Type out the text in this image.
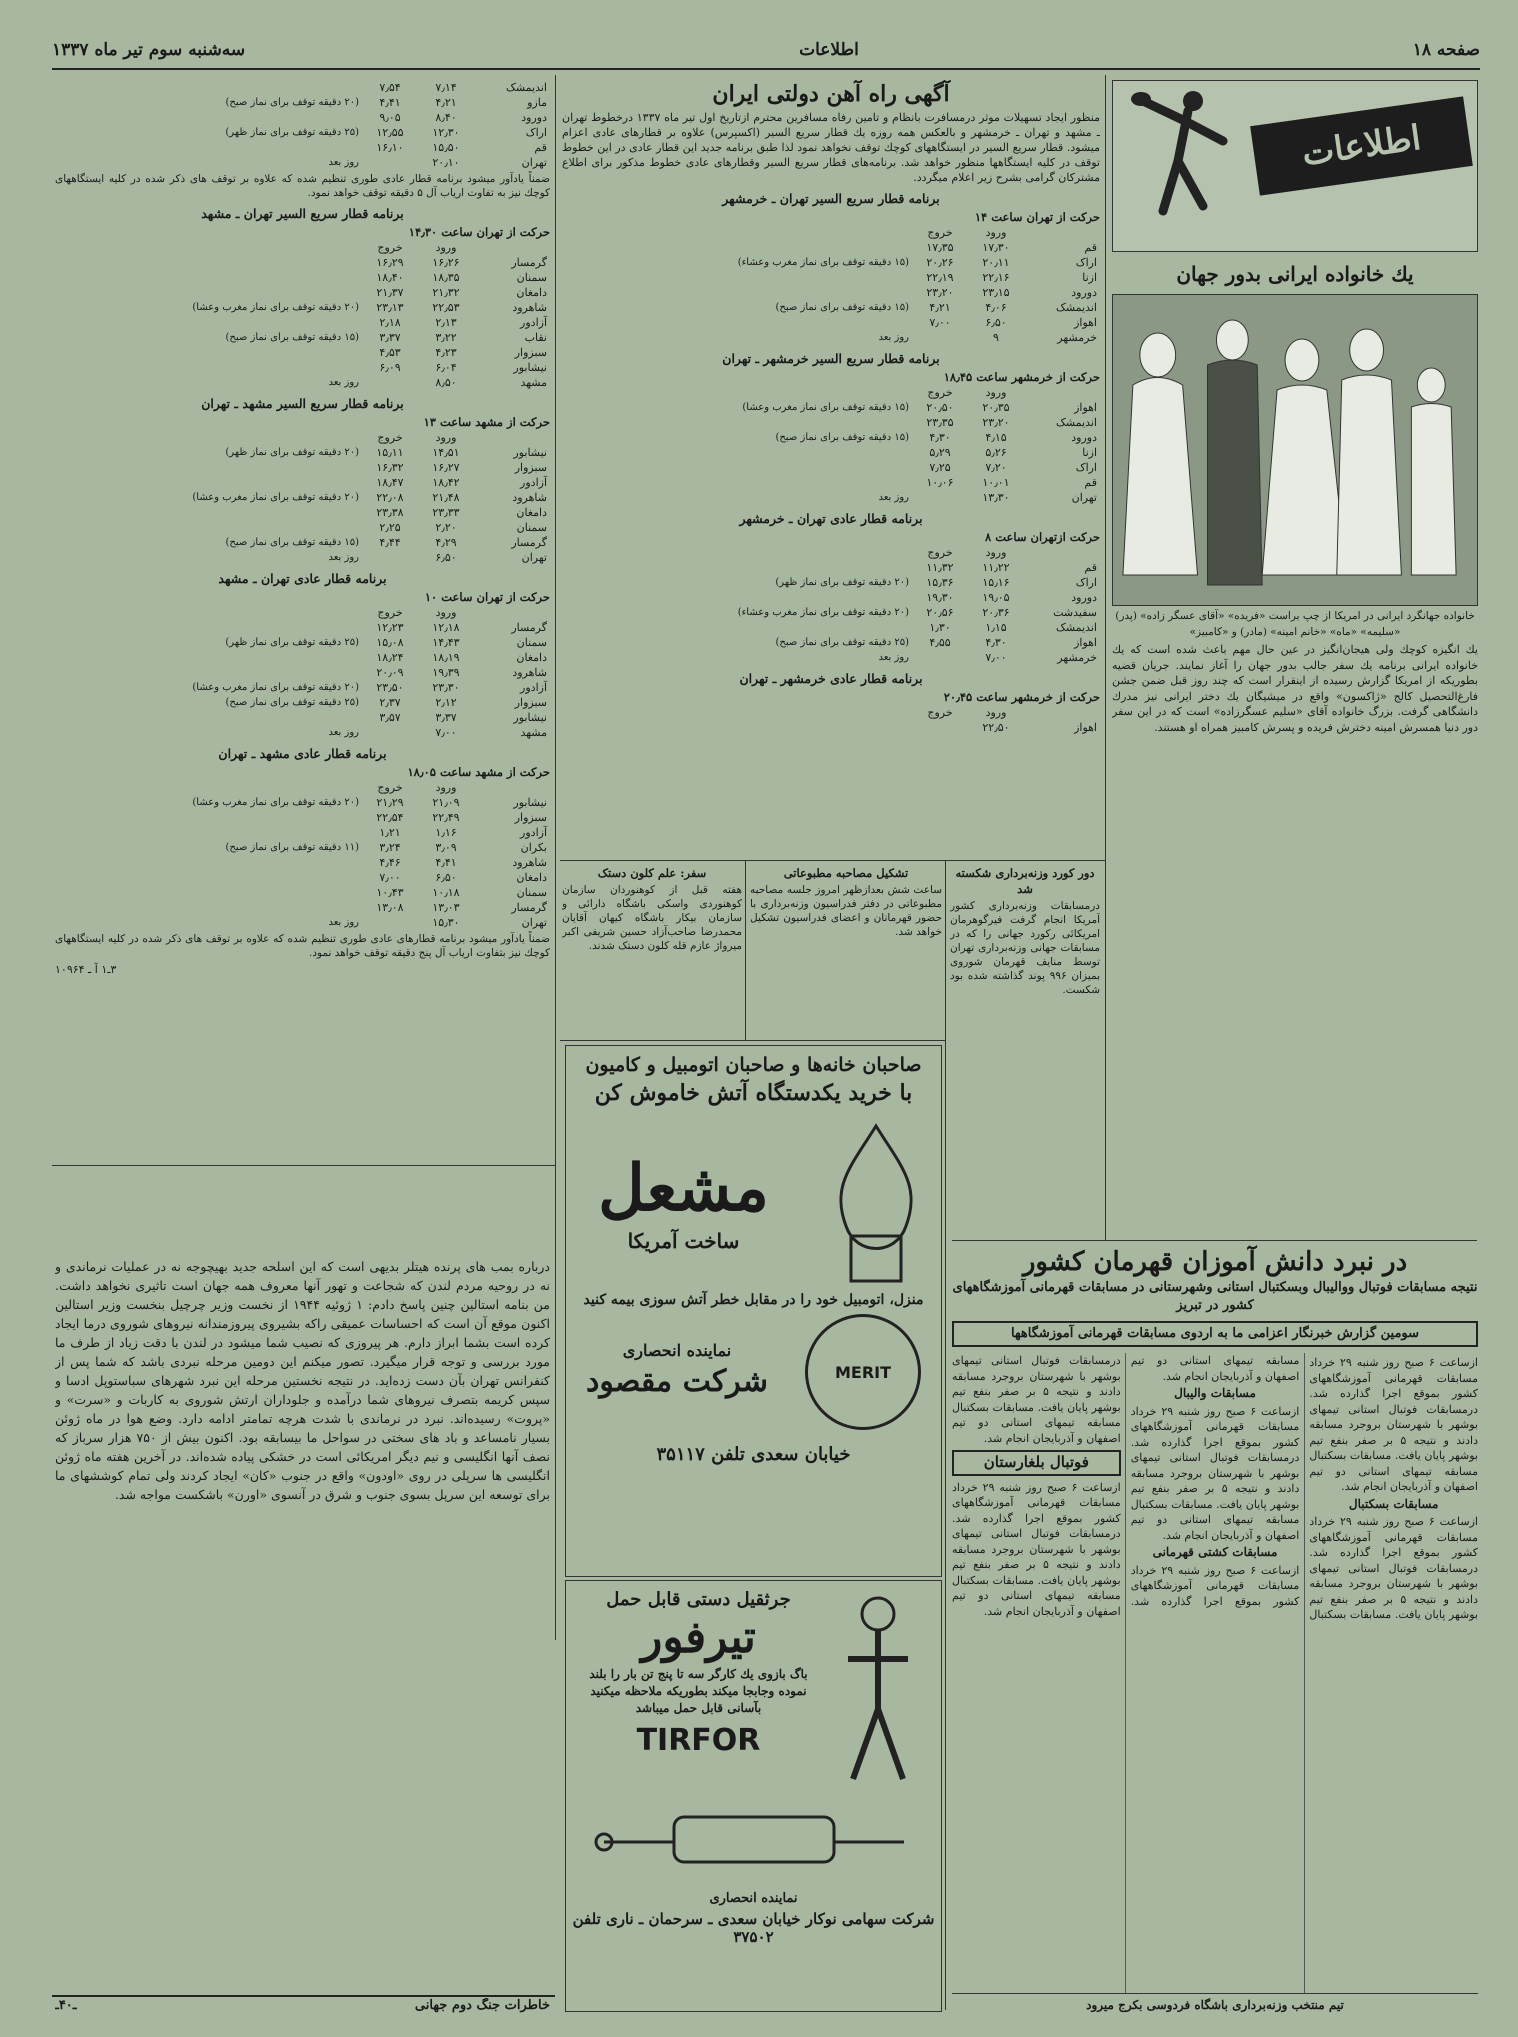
صفحه ۱۸
اطلاعات
سه‌شنبه سوم تیر ماه ۱۳۳۷
اطلاعات ورزشی
یك خانواده ایرانی بدور جهان

خانواده جهانگرد ایرانی در امریکا از چپ براست «فریده» «آقای عسگر زاده» (پدر) «سلیمه» «ماه» «خانم امینه» (مادر) و «کامبیز»

یك انگیزه کوچك ولی هیجان‌انگیز در عین حال مهم باعث شده است که یك خانواده ایرانی برنامه یك سفر جالب بدور جهان را آغاز نمایند. جریان قضیه بطوریکه از امریکا گزارش رسیده از اینقرار است که چند روز قبل ضمن جشن فارغ‌التحصیل کالج «ژاکسون» واقع در میشیگان یك دختر ایرانی نیز مدرك دانشگاهی گرفت. بزرگ خانواده آقای «سلیم عسگرزاده» است که در این سفر دور دنیا همسرش امینه دخترش فریده و پسرش کامبیز همراه او هستند.

در نبرد دانش آموزان قهرمان کشور
نتیجه مسابقات فوتبال ووالیبال وبسکتبال استانی وشهرستانی در مسابقات قهرمانی آموزشگاههای کشور در تبریز
سومین گزارش خبرنگار اعزامی ما به اردوی مسابقات قهرمانی آموزشگاهها

ازساعت ۶ صبح روز شنبه ۲۹ خرداد مسابقات قهرمانی آموزشگاههای کشور بموقع اجرا گذارده شد. درمسابقات فوتبال استانی تیمهای بوشهر با شهرستان بروجرد مسابقه دادند و نتیجه ۵ بر صفر بنفع تیم بوشهر پایان یافت. مسابقات بسکتبال مسابقه تیمهای استانی دو تیم اصفهان و آذربایجان انجام شد.

مسابقات بسکتبال

ازساعت ۶ صبح روز شنبه ۲۹ خرداد مسابقات قهرمانی آموزشگاههای کشور بموقع اجرا گذارده شد. درمسابقات فوتبال استانی تیمهای بوشهر با شهرستان بروجرد مسابقه دادند و نتیجه ۵ بر صفر بنفع تیم بوشهر پایان یافت. مسابقات بسکتبال مسابقه تیمهای استانی دو تیم اصفهان و آذربایجان انجام شد.

مسابقات والیبال

ازساعت ۶ صبح روز شنبه ۲۹ خرداد مسابقات قهرمانی آموزشگاههای کشور بموقع اجرا گذارده شد. درمسابقات فوتبال استانی تیمهای بوشهر با شهرستان بروجرد مسابقه دادند و نتیجه ۵ بر صفر بنفع تیم بوشهر پایان یافت. مسابقات بسکتبال مسابقه تیمهای استانی دو تیم اصفهان و آذربایجان انجام شد.

مسابقات کشتی قهرمانی

ازساعت ۶ صبح روز شنبه ۲۹ خرداد مسابقات قهرمانی آموزشگاههای کشور بموقع اجرا گذارده شد. درمسابقات فوتبال استانی تیمهای بوشهر با شهرستان بروجرد مسابقه دادند و نتیجه ۵ بر صفر بنفع تیم بوشهر پایان یافت. مسابقات بسکتبال مسابقه تیمهای استانی دو تیم اصفهان و آذربایجان انجام شد.

فوتبال بلغارستان

ازساعت ۶ صبح روز شنبه ۲۹ خرداد مسابقات قهرمانی آموزشگاههای کشور بموقع اجرا گذارده شد. درمسابقات فوتبال استانی تیمهای بوشهر با شهرستان بروجرد مسابقه دادند و نتیجه ۵ بر صفر بنفع تیم بوشهر پایان یافت. مسابقات بسکتبال مسابقه تیمهای استانی دو تیم اصفهان و آذربایجان انجام شد.

تیم منتخب وزنه‌برداری باشگاه فردوسی بکرج میرود
دور کورد وزنه‌برداری شکسته شد

درمسابقات وزنه‌برداری کشور آمریکا انجام گرفت فیرگوهرمان امریکائی رکورد جهانی را که در مسابقات جهانی وزنه‌برداری تهران توسط منایف قهرمان شوروی بمیزان ۹۹۶ پوند گذاشته شده بود شکست.

تشکیل مصاحبه مطبوعاتی

ساعت شش بعدازظهر امروز جلسه مصاحبه مطبوعاتی در دفتر فدراسیون وزنه‌برداری با حضور قهرمانان و اعضای فدراسیون تشکیل خواهد شد.

سفر: علم کلون دستک

هفته قبل از کوهنوردان سازمان کوهنوردی واسکی باشگاه دارائی و سازمان بیکار باشگاه کیهان آقایان محمدرضا صاحب‌آزاد حسین شریفی اکبر میرواژ عازم قله کلون دستک شدند.

آگهی راه آهن دولتی ایران

منظور ایجاد تسهیلات موثر درمسافرت بانظام و تامین رفاه مسافرین محترم ازتاریخ اول تیر ماه ۱۳۳۷ درخطوط تهران ـ مشهد و تهران ـ خرمشهر و بالعکس همه روزه یك قطار سریع السیر (اکسپرس) علاوه بر قطارهای عادی اعزام میشود. قطار سریع السیر در ایستگاههای کوچك توقف نخواهد نمود لذا طبق برنامه جدید این قطار عادی در این خطوط توقف در کلیه ایستگاهها منظور خواهد شد. برنامه‌های قطار سریع السیر وقطارهای عادی خطوط مذکور برای اطلاع مشترکان گرامی بشرح زیر اعلام میگردد.

برنامه قطار سریع السیر تهران ـ خرمشهر
حرکت از تهران ساعت ۱۴
	ورود	خروج	
قم	۱۷٫۳۰	۱۷٫۳۵	
اراک	۲۰٫۱۱	۲۰٫۲۶	(۱۵ دقیقه توقف برای نماز مغرب وعشاء)
ازنا	۲۲٫۱۶	۲۲٫۱۹	
دورود	۲۳٫۱۵	۲۳٫۲۰	
اندیمشک	۴٫۰۶	۴٫۲۱	(۱۵ دقیقه توقف برای نماز صبح)
اهواز	۶٫۵۰	۷٫۰۰	
خرمشهر	۹		روز بعد
برنامه قطار سریع السیر خرمشهر ـ تهران
حرکت از خرمشهر ساعت ۱۸٫۴۵
	ورود	خروج	
اهواز	۲۰٫۳۵	۲۰٫۵۰	(۱۵ دقیقه توقف برای نماز مغرب وعشا)
اندیمشک	۲۳٫۲۰	۲۳٫۳۵	
دورود	۴٫۱۵	۴٫۳۰	(۱۵ دقیقه توقف برای نماز صبح)
ازنا	۵٫۲۶	۵٫۲۹	
اراک	۷٫۲۰	۷٫۲۵	
قم	۱۰٫۰۱	۱۰٫۰۶	
تهران	۱۳٫۳۰		روز بعد
برنامه قطار عادی تهران ـ خرمشهر
حرکت ازتهران ساعت ۸
	ورود	خروج	
قم	۱۱٫۲۲	۱۱٫۳۲	
اراک	۱۵٫۱۶	۱۵٫۳۶	(۲۰ دقیقه توقف برای نماز ظهر)
دورود	۱۹٫۰۵	۱۹٫۳۰	
سفیدشت	۲۰٫۳۶	۲۰٫۵۶	(۲۰ دقیقه توقف برای نماز مغرب وعشاء)
اندیمشک	۱٫۱۵	۱٫۳۰	
اهواز	۴٫۳۰	۴٫۵۵	(۲۵ دقیقه توقف برای نماز صبح)
خرمشهر	۷٫۰۰		روز بعد
برنامه قطار عادی خرمشهر ـ تهران
حرکت از خرمشهر ساعت ۲۰٫۴۵
	ورود	خروج	
اهواز	۲۲٫۵۰		
اندیمشک	۷٫۱۴	۷٫۵۴	
مازو	۴٫۲۱	۴٫۴۱	(۲۰ دقیقه توقف برای نماز صبح)
دورود	۸٫۴۰	۹٫۰۵	
اراک	۱۲٫۳۰	۱۲٫۵۵	(۲۵ دقیقه توقف برای نماز ظهر)
قم	۱۵٫۵۰	۱۶٫۱۰	
تهران	۲۰٫۱۰		روز بعد

ضمناً یادآور میشود برنامه قطار عادی طوری تنظیم شده که علاوه بر توقف های ذکر شده در کلیه ایستگاههای کوچك نیز به تفاوت اریاب آل ۵ دقیقه توقف خواهد نمود.

برنامه قطار سریع السیر تهران ـ مشهد
حرکت از تهران ساعت ۱۴٫۳۰
	ورود	خروج	
گرمسار	۱۶٫۲۶	۱۶٫۲۹	
سمنان	۱۸٫۳۵	۱۸٫۴۰	
دامغان	۲۱٫۳۲	۲۱٫۳۷	
شاهرود	۲۲٫۵۳	۲۳٫۱۳	(۲۰ دقیقه توقف برای نماز مغرب وعشا)
آزادور	۲٫۱۳	۲٫۱۸	
نقاب	۳٫۲۲	۳٫۳۷	(۱۵ دقیقه توقف برای نماز صبح)
سبزوار	۴٫۲۳	۴٫۵۳	
نیشابور	۶٫۰۴	۶٫۰۹	
مشهد	۸٫۵۰		روز بعد
برنامه قطار سریع السیر مشهد ـ تهران
حرکت از مشهد ساعت ۱۳
	ورود	خروج	
نیشابور	۱۴٫۵۱	۱۵٫۱۱	(۲۰ دقیقه توقف برای نماز ظهر)
سبزوار	۱۶٫۲۷	۱۶٫۳۲	
آزادور	۱۸٫۴۲	۱۸٫۴۷	
شاهرود	۲۱٫۴۸	۲۲٫۰۸	(۲۰ دقیقه توقف برای نماز مغرب وعشا)
دامغان	۲۳٫۳۳	۲۳٫۳۸	
سمنان	۲٫۲۰	۲٫۲۵	
گرمسار	۴٫۲۹	۴٫۴۴	(۱۵ دقیقه توقف برای نماز صبح)
تهران	۶٫۵۰		روز بعد
برنامه قطار عادی تهران ـ مشهد
حرکت از تهران ساعت ۱۰
	ورود	خروج	
گرمسار	۱۲٫۱۸	۱۲٫۲۳	
سمنان	۱۴٫۴۳	۱۵٫۰۸	(۲۵ دقیقه توقف برای نماز ظهر)
دامغان	۱۸٫۱۹	۱۸٫۲۴	
شاهرود	۱۹٫۳۹	۲۰٫۰۹	
آزادور	۲۳٫۳۰	۲۳٫۵۰	(۲۰ دقیقه توقف برای نماز مغرب وعشا)
سبزوار	۲٫۱۲	۲٫۳۷	(۲۵ دقیقه توقف برای نماز صبح)
نیشابور	۳٫۳۷	۳٫۵۷	
مشهد	۷٫۰۰		روز بعد
برنامه قطار عادی مشهد ـ تهران
حرکت از مشهد ساعت ۱۸٫۰۵
	ورود	خروج	
نیشابور	۲۱٫۰۹	۲۱٫۲۹	(۲۰ دقیقه توقف برای نماز مغرب وعشا)
سبزوار	۲۲٫۴۹	۲۲٫۵۴	
آزادور	۱٫۱۶	۱٫۲۱	
بکران	۳٫۰۹	۳٫۲۴	(۱۱ دقیقه توقف برای نماز صبح)
شاهرود	۴٫۴۱	۴٫۴۶	
دامغان	۶٫۵۰	۷٫۰۰	
سمنان	۱۰٫۱۸	۱۰٫۴۳	
گرمسار	۱۳٫۰۳	۱۳٫۰۸	
تهران	۱۵٫۳۰		روز بعد

ضمناً یادآور میشود برنامه قطارهای عادی طوری تنظیم شده که علاوه بر توقف های ذکر شده در کلیه ایستگاههای کوچك نیز بتفاوت اریاب آل پنج دقیقه توقف خواهد نمود.

۳ـ۱ آ ـ ۱۰۹۶۴

درباره بمب های پرنده هیتلر بدیهی است که این اسلحه جدید بهیچوجه نه در عملیات نرماندی و نه در روحیه مردم لندن که شجاعت و تهور آنها معروف همه جهان است تاثیری نخواهد داشت. من بنامه استالین چنین پاسخ دادم: ۱ ژوئیه ۱۹۴۴ از نخست وزیر چرچیل بنخست وزیر استالین اکنون موقع آن است که احساسات عمیقی راکه بشیروی پیروزمندانه نیروهای شوروی درما ایجاد کرده است بشما ابراز دارم. هر پیروزی که نصیب شما میشود در لندن با دقت زیاد از طرف ما مورد بررسی و توجه قرار میگیرد. تصور میکنم این دومین مرحله نبردی باشد که شما پس از کنفرانس تهران بآن دست زده‌اید. در نتیجه نخستین مرحله این نبرد شهرهای سباستوپل ادسا و سپس کریمه بتصرف نیروهای شما درآمده و جلوداران ارتش شوروی به کاربات و «سرت» و «پروت» رسیده‌اند. نبرد در نرماندی با شدت هرچه تمامتر ادامه دارد. وضع هوا در ماه ژوئن بسیار نامساعد و باد های سختی در سواحل ما بیسابقه بود. اکنون بیش از ۷۵۰ هزار سرباز که نصف آنها انگلیسی و نیم دیگر امریکائی است در خشکی پیاده شده‌اند. در آخرین هفته ماه ژوئن انگلیسی ها سرپلی در روی «اودون» واقع در جنوب «کان» ایجاد کردند ولی تمام کوششهای ما برای توسعه این سرپل بسوی جنوب و شرق در آنسوی «اورن» باشکست مواجه شد.

خاطرات جنگ دوم جهانی
ـ۴۰ـ
صاحبان خانه‌ها و صاحبان اتومبیل و کامیون
با خرید یکدستگاه آتش خاموش کن
مشعل
ساخت آمریکا
منزل، اتومبیل خود را در مقابل خطر آتش سوزی بیمه کنید
MERIT
نماینده انحصاری
شرکت مقصود
خیابان سعدی تلفن ۳۵۱۱۷
جرثقیل دستی قابل حمل
تیرفور
باگ بازوی یك کارگر سه تا پنج تن بار را بلند نموده وجابجا میکند بطوریکه ملاحظه میکنید بآسانی قابل حمل میباشد
TIRFOR
نماینده انحصاری
شرکت سهامی نوکار خیابان سعدی ـ سرحمان ـ ناری تلفن ۳۷۵۰۲
